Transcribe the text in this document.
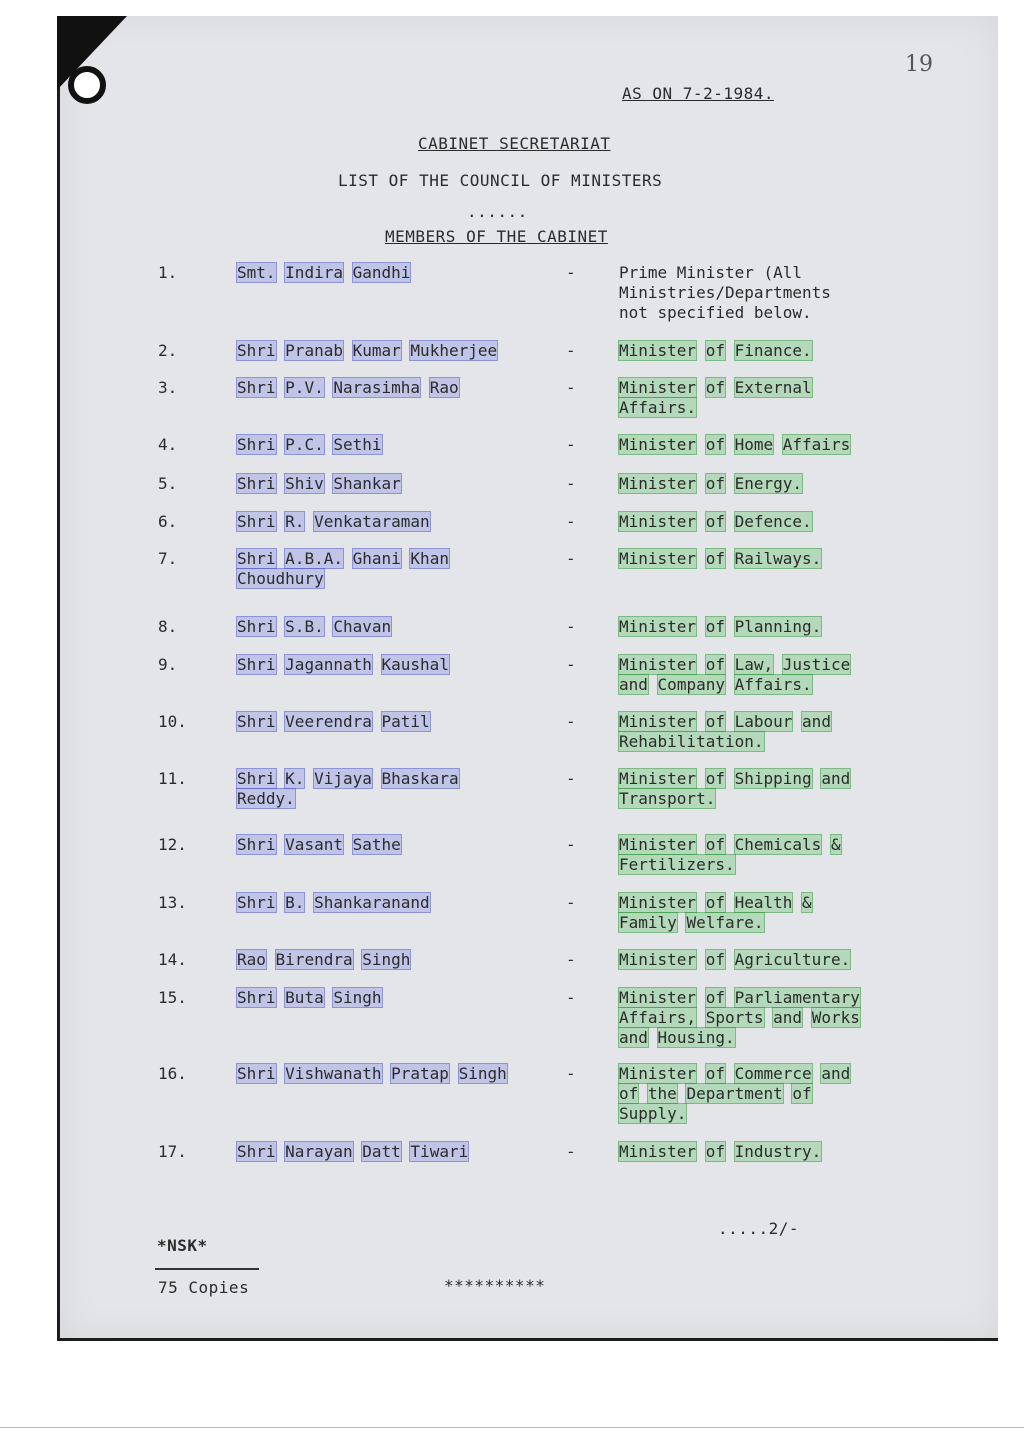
19
AS ON 7-2-1984.
CABINET SECRETARIAT
LIST OF THE COUNCIL OF MINISTERS
......
MEMBERS OF THE CABINET
1.	Smt. Indira Gandhi	-	Prime Minister (All
Ministries/Departments
not specified below.
2.	Shri Pranab Kumar Mukherjee	-	Minister of Finance.
3.	Shri P.V. Narasimha Rao	-	Minister of External
Affairs.
4.	Shri P.C. Sethi	-	Minister of Home Affairs
5.	Shri Shiv Shankar	-	Minister of Energy.
6.	Shri R. Venkataraman	-	Minister of Defence.
7.	Shri A.B.A. Ghani Khan
Choudhury
-	Minister of Railways.
8.	Shri S.B. Chavan	-	Minister of Planning.
9.	Shri Jagannath Kaushal	-	Minister of Law, Justice
and Company Affairs.
10.	Shri Veerendra Patil	-	Minister of Labour and
Rehabilitation.
11.	Shri K. Vijaya Bhaskara
Reddy.
-	Minister of Shipping and
Transport.
12.	Shri Vasant Sathe	-	Minister of Chemicals &
Fertilizers.
13.	Shri B. Shankaranand	-	Minister of Health &
Family Welfare.
14.	Rao Birendra Singh	-	Minister of Agriculture.
15.	Shri Buta Singh	-	Minister of Parliamentary
Affairs, Sports and Works
and Housing.
16.	Shri Vishwanath Pratap Singh	-	Minister of Commerce and
of the Department of
Supply.
17.	Shri Narayan Datt Tiwari	-	Minister of Industry.
.....2/-
*NSK*
75 Copies	**********
